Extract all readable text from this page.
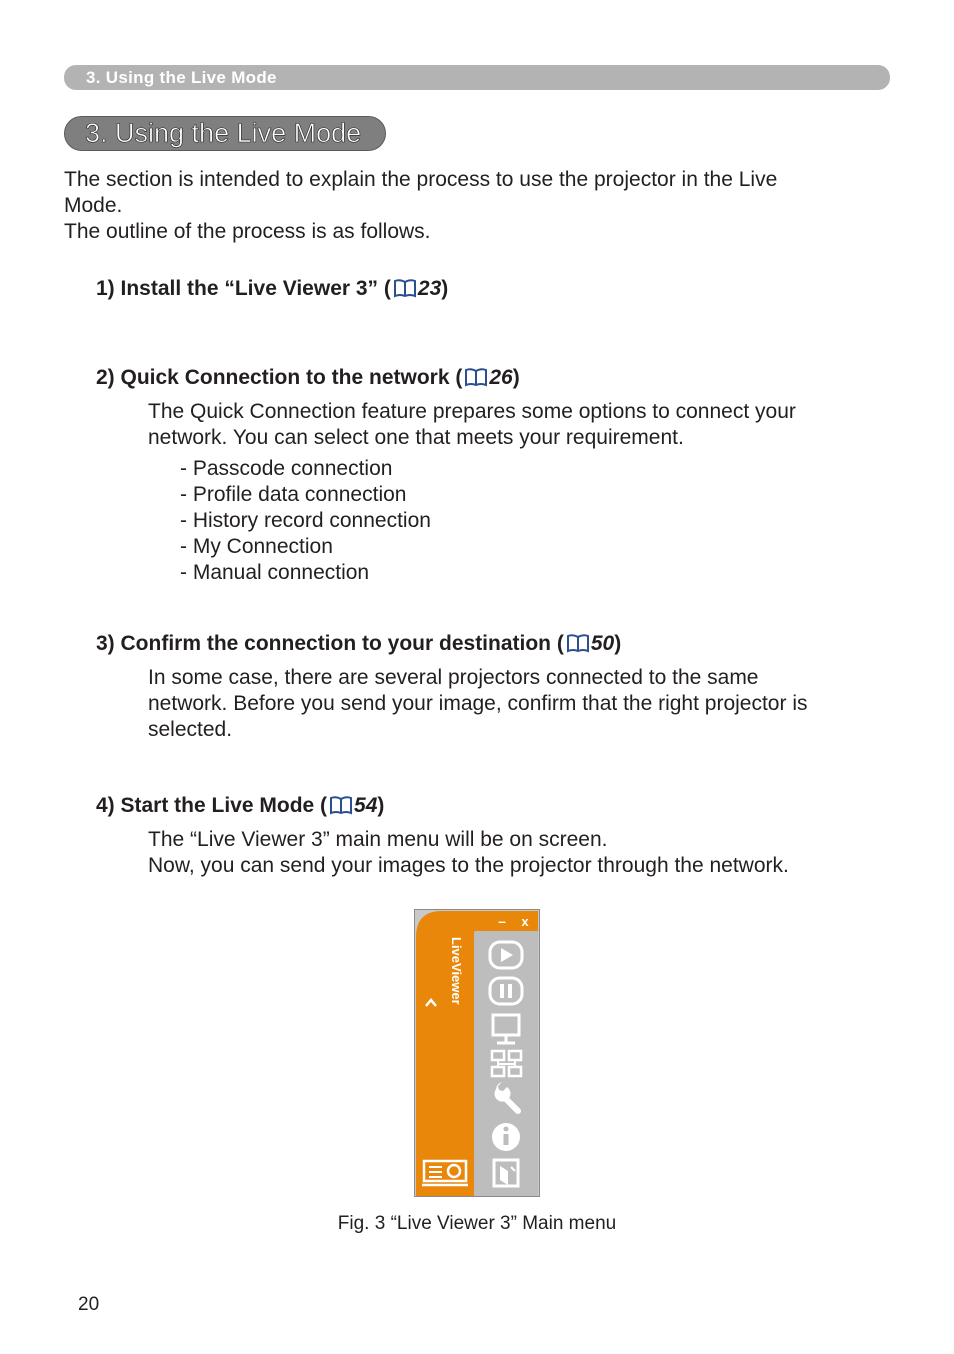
3. Using the Live Mode
3. Using the Live Mode

The section is intended to explain the process to use the projector in the Live

Mode.

The outline of the process is as follows.

1) Install the “Live Viewer 3” ( 23)

2) Quick Connection to the network ( 26)

The Quick Connection feature prepares some options to connect your

network. You can select one that meets your requirement.

- Passcode connection
- Profile data connection
- History record connection
- My Connection
- Manual connection

3) Confirm the connection to your destination ( 50)

In some case, there are several projectors connected to the same

network. Before you send your image, confirm that the right projector is

selected.

4) Start the Live Mode ( 54)

The “Live Viewer 3” main menu will be on screen.

Now, you can send your images to the projector through the network.

– x
LiveViewer
Fig. 3 “Live Viewer 3” Main menu
20
